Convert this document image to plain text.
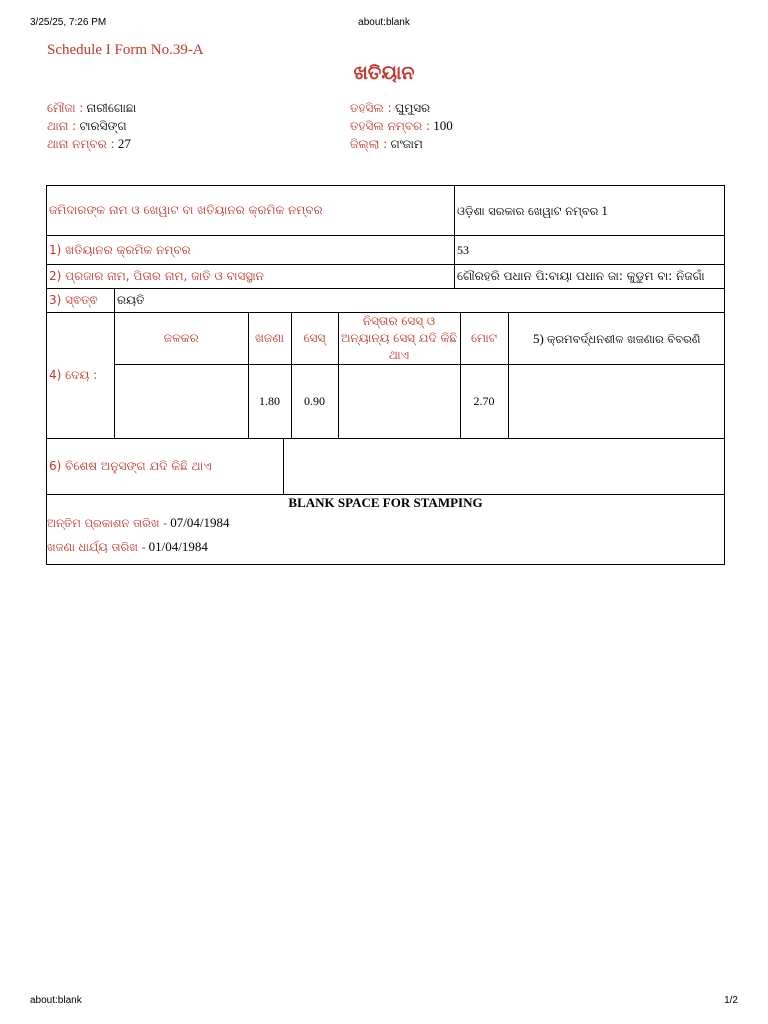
3/25/25, 7:26 PM	about:blank
Schedule I Form No.39-A
ଖତିୟାନ
ମୌଜା : ନାରୀଗୋଛା
ଥାନା : ଟାରସିଙ୍ଗ
ଥାନା ନମ୍ବର : 27
ତହସିଲ : ଘୁମୁସର
ତହସିଲ ନମ୍ବର : 100
ଜିଲ୍ଲା : ଗଂଜାମ
ଜମିଦାରଙ୍କ ନାମ ଓ ଖେୱାଟ ବା ଖତିୟାନର କ୍ରମିକ ନମ୍ବର	ଓଡ଼ିଶା ସରକାର ଖେୱାଟ ନମ୍ବର 1
1) ଖତିୟାନର କ୍ରମିକ ନମ୍ବର	53
2) ପ୍ରଜାର ନାମ, ପିତାର ନାମ, ଜାତି ଓ ବାସସ୍ଥାନ	ଗୌରହରି ପଧାନ ପି:ବାୟା ପଧାନ ଜା: କୁଡୁମ ବା: ନିଜଗାଁ
3) ସ୍ଵତ୍ଵ	ରୟତି
4) ଦେୟ :	
ଜଳକର	ଖଜଣା	ସେସ୍	ନିସ୍ତାର ସେସ୍ ଓ ଅନ୍ୟାନ୍ୟ ସେସ୍ ଯଦି କିଛି ଥାଏ	ମୋଟ	5) କ୍ରମବର୍ଦ୍ଧନଶୀଳ ଖଜଣାର ବିବରଣି
	1.80	0.90		2.70	

6) ବିଶେଷ ଅନୁସଙ୍ଗ ଯଦି କିଛି ଥାଏ	

BLANK SPACE FOR STAMPING
ଅନ୍ତିମ ପ୍ରକାଶନ ତାରିଖ - 07/04/1984
ଖଜଣା ଧାର୍ଯ୍ୟ ତାରିଖ - 01/04/1984
about:blank	1/2
